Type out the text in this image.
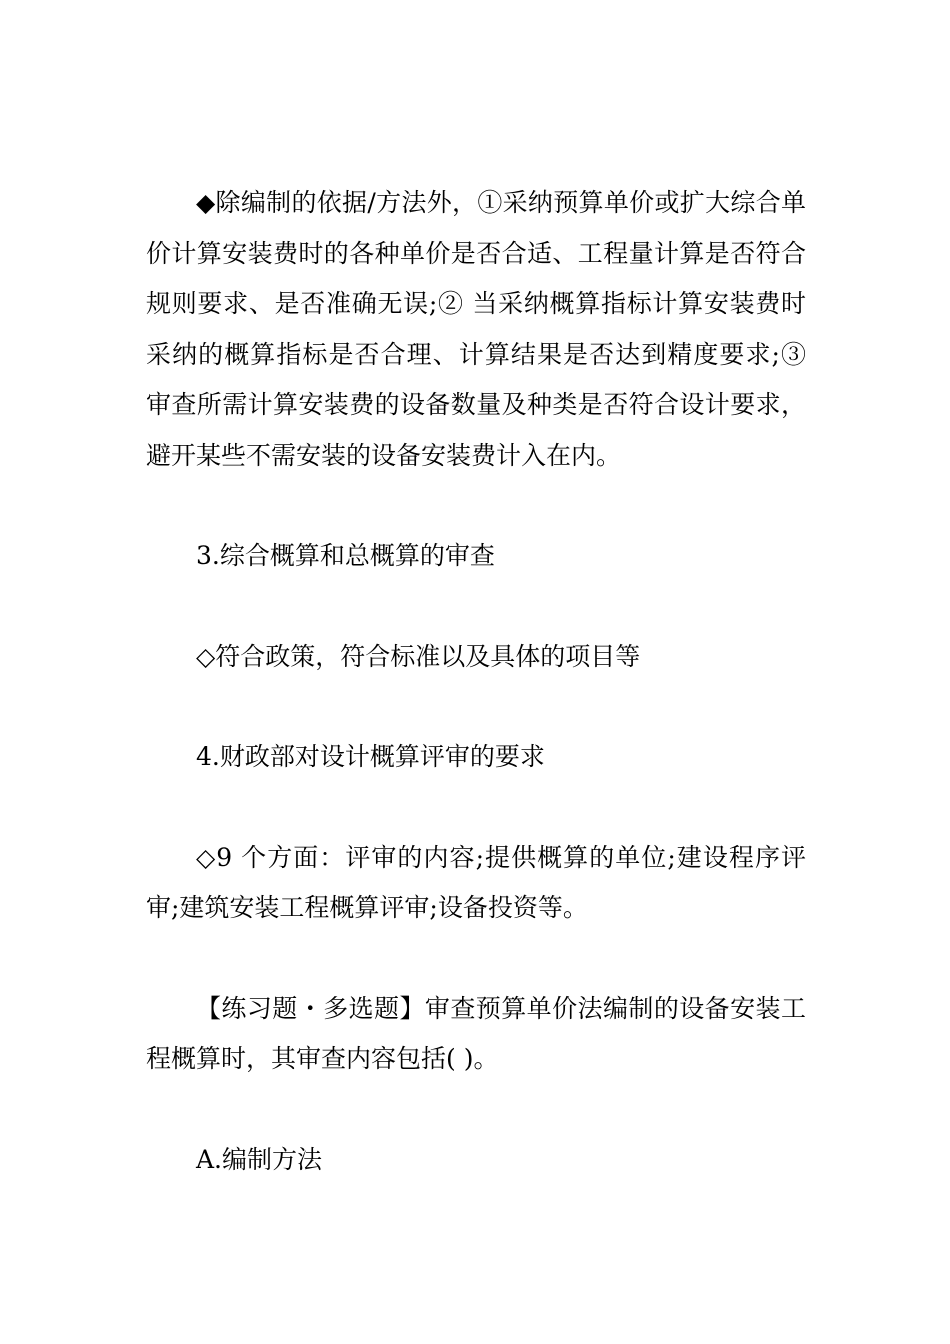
◆除编制的依据/方法外，①采纳预算单价或扩大综合单价计算安装费时的各种单价是否合适、工程量计算是否符合规则要求、是否准确无误;② 当采纳概算指标计算安装费时采纳的概算指标是否合理、计算结果是否达到精度要求;③ 审查所需计算安装费的设备数量及种类是否符合设计要求，避开某些不需安装的设备安装费计入在内。

3.综合概算和总概算的审查

◇符合政策，符合标准以及具体的项目等

4.财政部对设计概算评审的要求

◇9 个方面：评审的内容;提供概算的单位;建设程序评审;建筑安装工程概算评审;设备投资等。

【练习题・多选题】审查预算单价法编制的设备安装工程概算时，其审查内容包括( )。

A.编制方法
